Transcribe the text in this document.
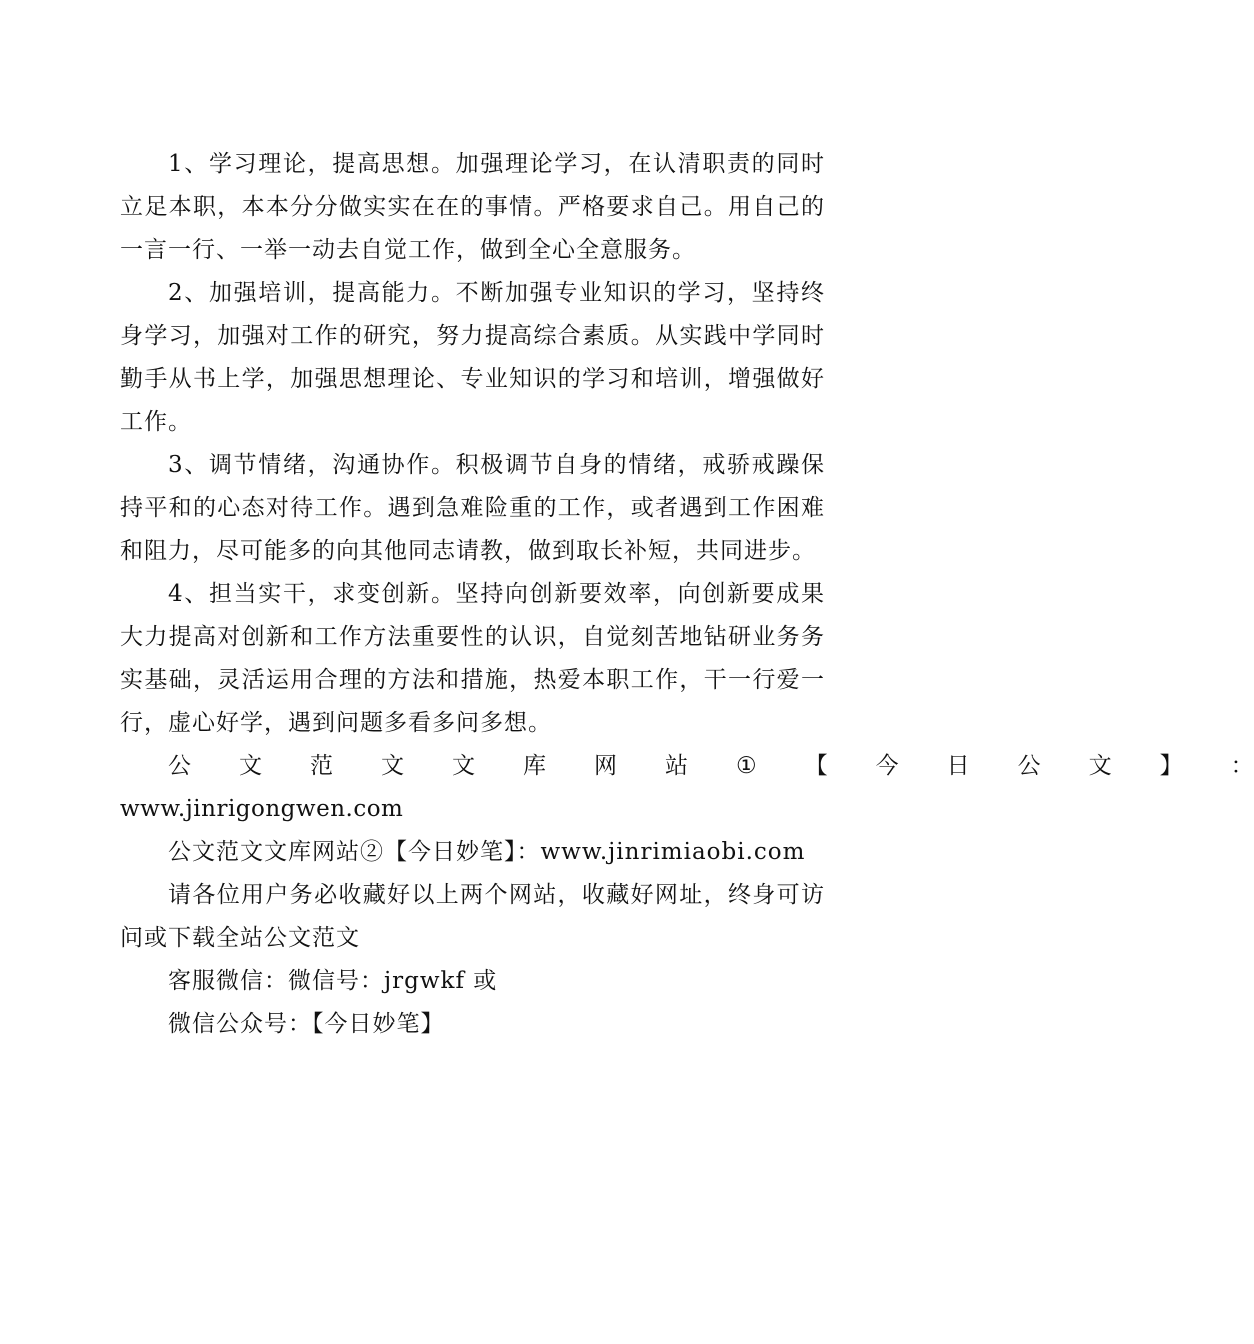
1、学习理论，提高思想。加强理论学习，在认清职责的同时立足本职，本本分分做实实在在的事情。严格要求自己。用自己的一言一行、一举一动去自觉工作，做到全心全意服务。

2、加强培训，提高能力。不断加强专业知识的学习，坚持终身学习，加强对工作的研究，努力提高综合素质。从实践中学同时勤手从书上学，加强思想理论、专业知识的学习和培训，增强做好工作。

3、调节情绪，沟通协作。积极调节自身的情绪，戒骄戒躁保持平和的心态对待工作。遇到急难险重的工作，或者遇到工作困难和阻力，尽可能多的向其他同志请教，做到取长补短，共同进步。

4、担当实干，求变创新。坚持向创新要效率，向创新要成果大力提高对创新和工作方法重要性的认识，自觉刻苦地钻研业务务实基础，灵活运用合理的方法和措施，热爱本职工作，干一行爱一行，虚心好学，遇到问题多看多问多想。

公	文	范	文	文	库	网	站	①	【	今	日	公	文	】	：

www.jinrigongwen.com

公文范文文库网站②【今日妙笔】：www.jinrimiaobi.com

请各位用户务必收藏好以上两个网站，收藏好网址，终身可访问或下载全站公文范文

客服微信：微信号：jrgwkf 或

微信公众号：【今日妙笔】
